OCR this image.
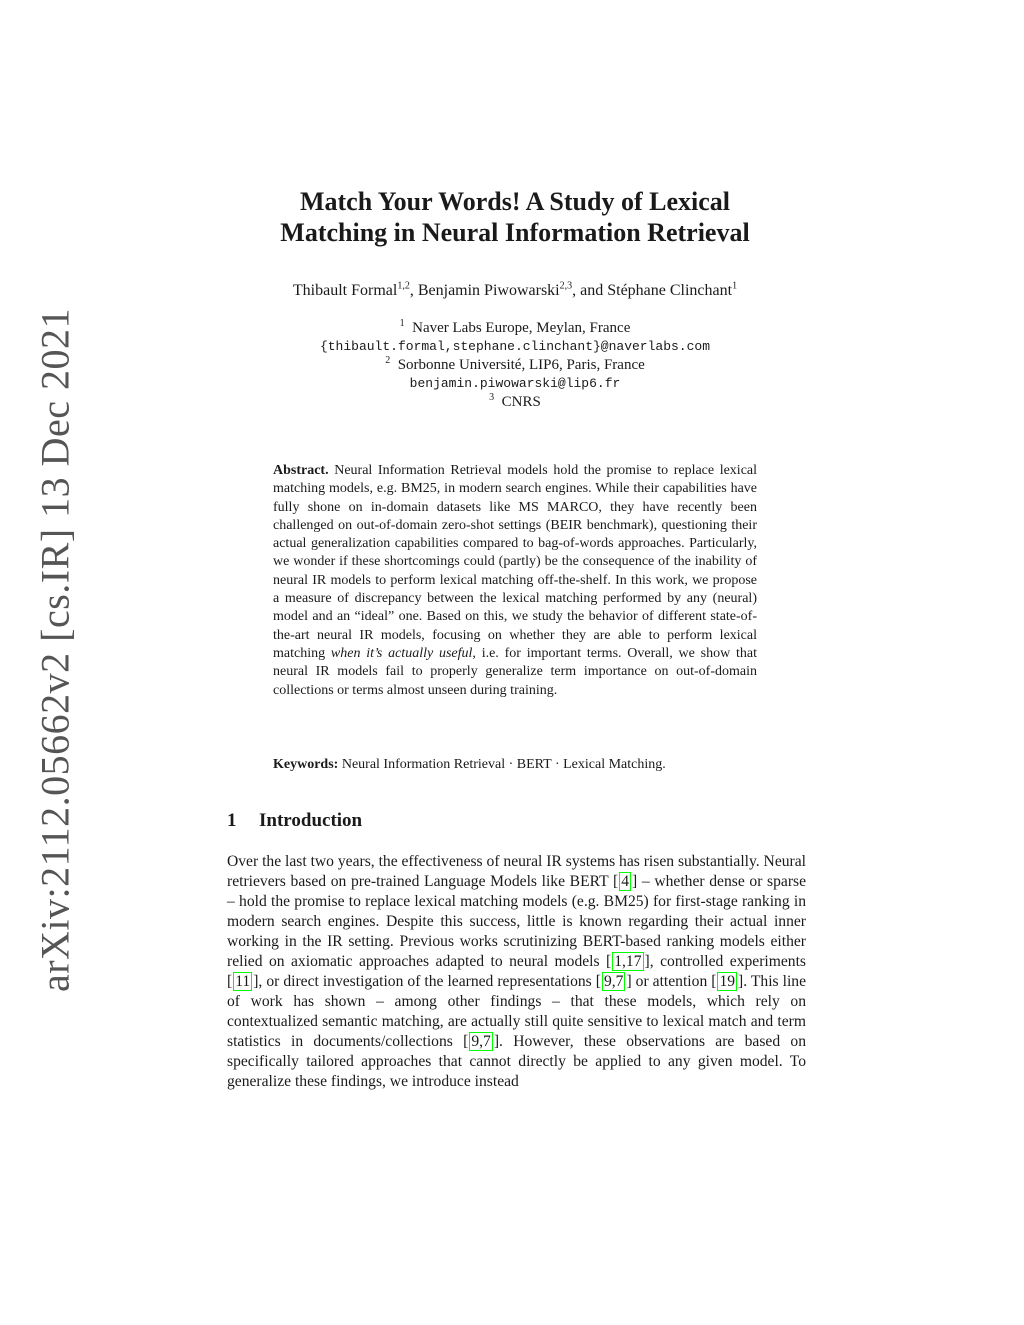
arXiv:2112.05662v2 [cs.IR] 13 Dec 2021
Match Your Words! A Study of Lexical
Matching in Neural Information Retrieval
Thibault Formal$^{1,2}$, Benjamin Piwowarski$^{2,3}$, and Stéphane Clinchant$^1$
$^1$ Naver Labs Europe, Meylan, France
{thibault.formal,stephane.clinchant}@naverlabs.com
$^2$ Sorbonne Université, LIP6, Paris, France
benjamin.piwowarski@lip6.fr
$^3$ CNRS
Abstract. Neural Information Retrieval models hold the promise to replace lexical matching models, e.g. BM25, in modern search engines. While their capabilities have fully shone on in-domain datasets like MS MARCO, they have recently been challenged on out-of-domain zero-shot settings (BEIR benchmark), questioning their actual generalization capabilities compared to bag-of-words approaches. Particularly, we wonder if these shortcomings could (partly) be the consequence of the inability of neural IR models to perform lexical matching off-the-shelf. In this work, we propose a measure of discrepancy between the lexical matching performed by any (neural) model and an “ideal” one. Based on this, we study the behavior of different state-of-the-art neural IR models, focusing on whether they are able to perform lexical matching when it’s actually useful, i.e. for important terms. Overall, we show that neural IR models fail to properly generalize term importance on out-of-domain collections or terms almost unseen during training.
Keywords: Neural Information Retrieval · BERT · Lexical Matching.
1 Introduction
Over the last two years, the effectiveness of neural IR systems has risen substantially. Neural retrievers based on pre-trained Language Models like BERT [ 4 ] – whether dense or sparse – hold the promise to replace lexical matching models (e.g. BM25) for first-stage ranking in modern search engines. Despite this success, little is known regarding their actual inner working in the IR setting. Previous works scrutinizing BERT-based ranking models either relied on axiomatic approaches adapted to neural models [ 1,17 ], controlled experiments [ 11 ], or direct investigation of the learned representations [ 9,7 ] or attention [ 19 ]. This line of work has shown – among other findings – that these models, which rely on contextualized semantic matching, are actually still quite sensitive to lexical match and term statistics in documents/collections [ 9,7 ]. However, these observations are based on specifically tailored approaches that cannot directly be applied to any given model. To generalize these findings, we introduce instead
